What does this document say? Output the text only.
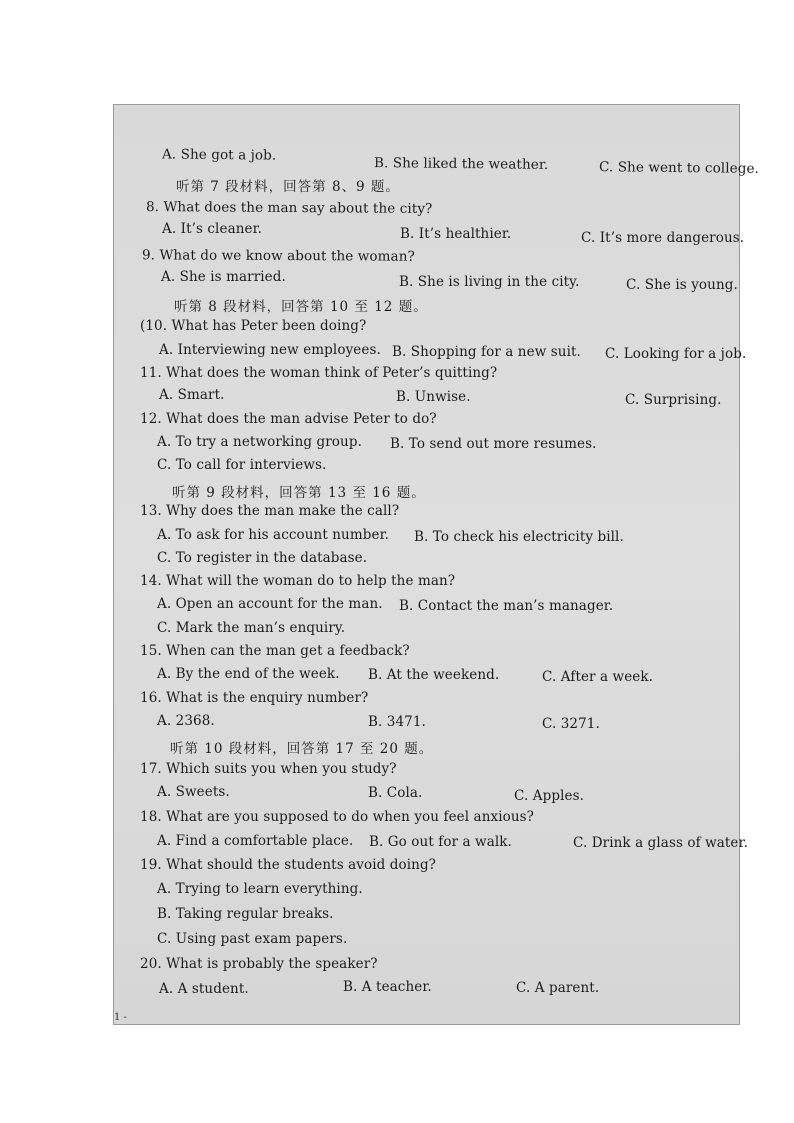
A. She got a job.
B. She liked the weather.	C. She went to college.
听第 7 段材料，回答第 8、9 题。
8. What does the man say about the city?
A. It’s cleaner.	B. It’s healthier.	C. It’s more dangerous.
9. What do we know about the woman?
A. She is married.	B. She is living in the city.	C. She is young.
听第 8 段材料，回答第 10 至 12 题。
(10. What has Peter been doing?
A. Interviewing new employees. B. Shopping for a new suit. C. Looking for a job.
11. What does the woman think of Peter’s quitting?
A. Smart.	B. Unwise.	C. Surprising.
12. What does the man advise Peter to do?
A. To try a networking group. B. To send out more resumes.
C. To call for interviews.
听第 9 段材料，回答第 13 至 16 题。
13. Why does the man make the call?
A. To ask for his account number. B. To check his electricity bill.
C. To register in the database.
14. What will the woman do to help the man?
A. Open an account for the man. B. Contact the man’s manager.
C. Mark the man’s enquiry.
15. When can the man get a feedback?
A. By the end of the week. B. At the weekend.	C. After a week.
16. What is the enquiry number?
A. 2368.	B. 3471.	C. 3271.
听第 10 段材料，回答第 17 至 20 题。
17. Which suits you when you study?
A. Sweets.	B. Cola.	C. Apples.
18. What are you supposed to do when you feel anxious?
A. Find a comfortable place. B. Go out for a walk.	C. Drink a glass of water.
19. What should the students avoid doing?
A. Trying to learn everything.
B. Taking regular breaks.
C. Using past exam papers.
20. What is probably the speaker?
A. A student.	B. A teacher.	C. A parent.
1 -
